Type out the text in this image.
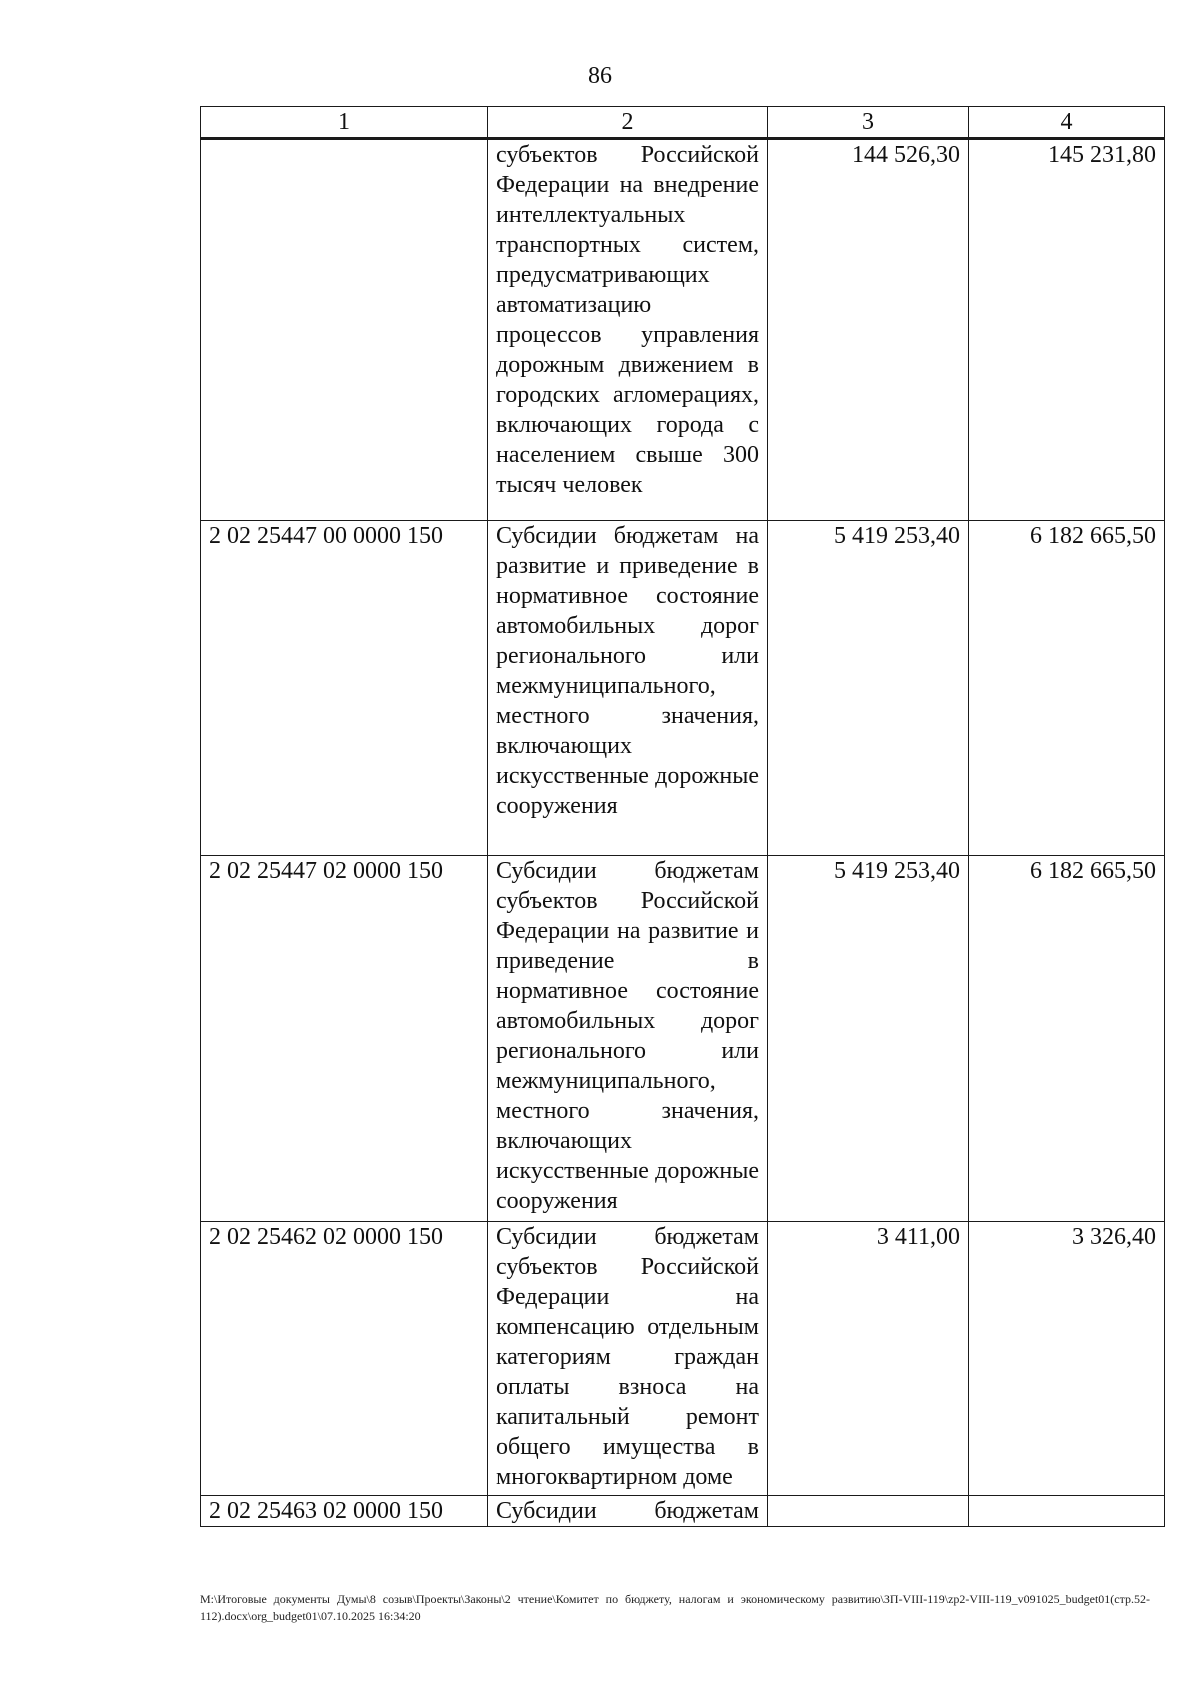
86
1	2	3	4
	субъектов Российской Федерации на внедрение интеллектуальных транспортных систем, предусматривающих автоматизацию процессов управления дорожным движением в городских агломерациях, включающих города с населением свыше 300 тысяч человек	144 526,30	145 231,80
2 02 25447 00 0000 150	Субсидии бюджетам на развитие и приведение в нормативное состояние автомобильных дорог регионального или межмуниципального, местного значения, включающих искусственные дорожные сооружения	5 419 253,40	6 182 665,50
2 02 25447 02 0000 150	Субсидии бюджетам субъектов Российской Федерации на развитие и приведение в нормативное состояние автомобильных дорог регионального или межмуниципального, местного значения, включающих искусственные дорожные сооружения	5 419 253,40	6 182 665,50
2 02 25462 02 0000 150	Субсидии бюджетам субъектов Российской Федерации на компенсацию отдельным категориям граждан оплаты взноса на капитальный ремонт общего имущества в многоквартирном доме	3 411,00	3 326,40
2 02 25463 02 0000 150	Субсидии бюджетам		
M:\Итоговые документы Думы\8 созыв\Проекты\Законы\2 чтение\Комитет по бюджету, налогам и экономическому развитию\ЗП-VIII-119\zp2-VIII-119_v091025_budget01(стр.52-112).docx\org_budget01\07.10.2025 16:34:20
